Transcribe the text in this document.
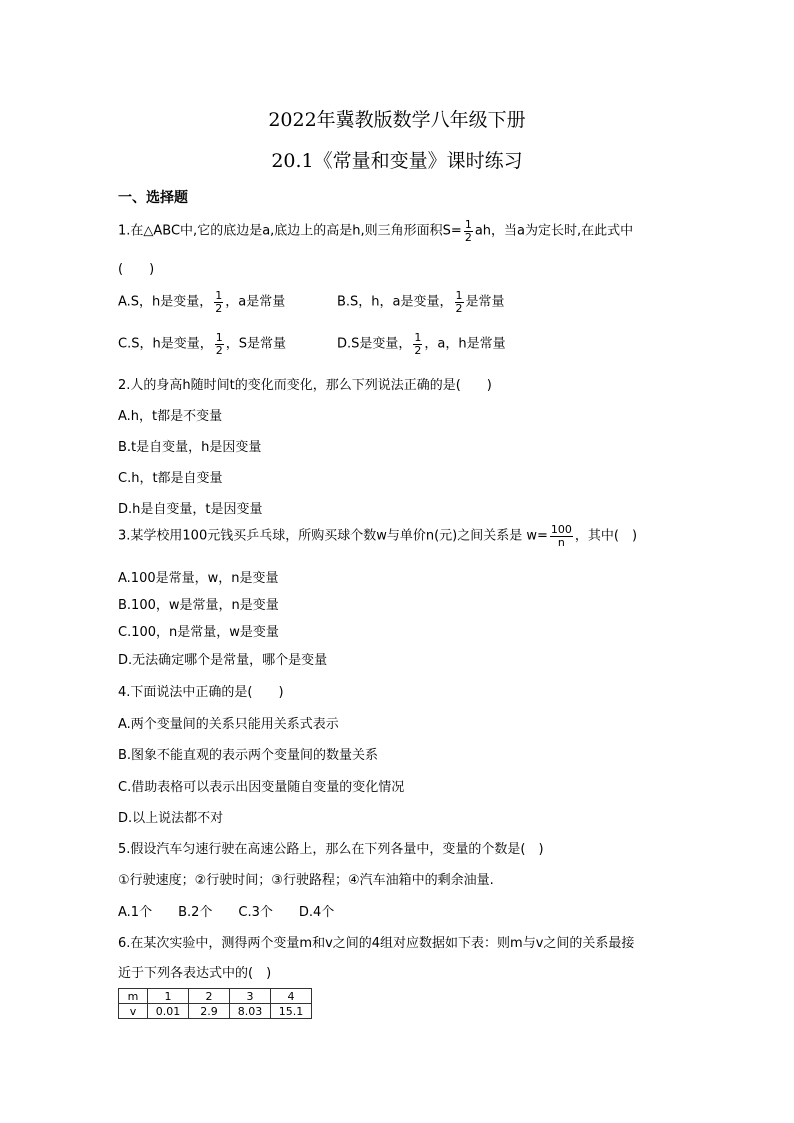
2022年冀教版数学八年级下册
20.1《常量和变量》课时练习
一、选择题
1.在△ABC中,它的底边是a,底边上的高是h,则三角形面积$S= \frac{1}{2}$ ah，当a为定长时,在此式中
(　　)
A.S，h是变量， $\frac{1}{2}$ ，a是常量	B.S，h，a是变量， $\frac{1}{2}$ 是常量
C.S，h是变量， $\frac{1}{2}$ ，S是常量	D.S是变量， $\frac{1}{2}$ ，a，h是常量
2.人的身高h随时间t的变化而变化，那么下列说法正确的是(　　)
A.h，t都是不变量
B.t是自变量，h是因变量
C.h，t都是自变量
D.h是自变量，t是因变量
3.某学校用100元钱买乒乓球，所购买球个数w与单价n(元)之间关系是 $w= \frac{100}{n}$ ，其中(　)
A.100是常量，w，n是变量
B.100，w是常量，n是变量
C.100，n是常量，w是变量
D.无法确定哪个是常量，哪个是变量
4.下面说法中正确的是(　　)
A.两个变量间的关系只能用关系式表示
B.图象不能直观的表示两个变量间的数量关系
C.借助表格可以表示出因变量随自变量的变化情况
D.以上说法都不对
5.假设汽车匀速行驶在高速公路上，那么在下列各量中，变量的个数是(　)
①行驶速度；②行驶时间；③行驶路程；④汽车油箱中的剩余油量.
A.1个　　B.2个　　C.3个　　D.4个
6.在某次实验中，测得两个变量m和v之间的4组对应数据如下表：则m与v之间的关系最接
近于下列各表达式中的(　)
m	1	2	3	4
v	0.01	2.9	8.03	15.1
